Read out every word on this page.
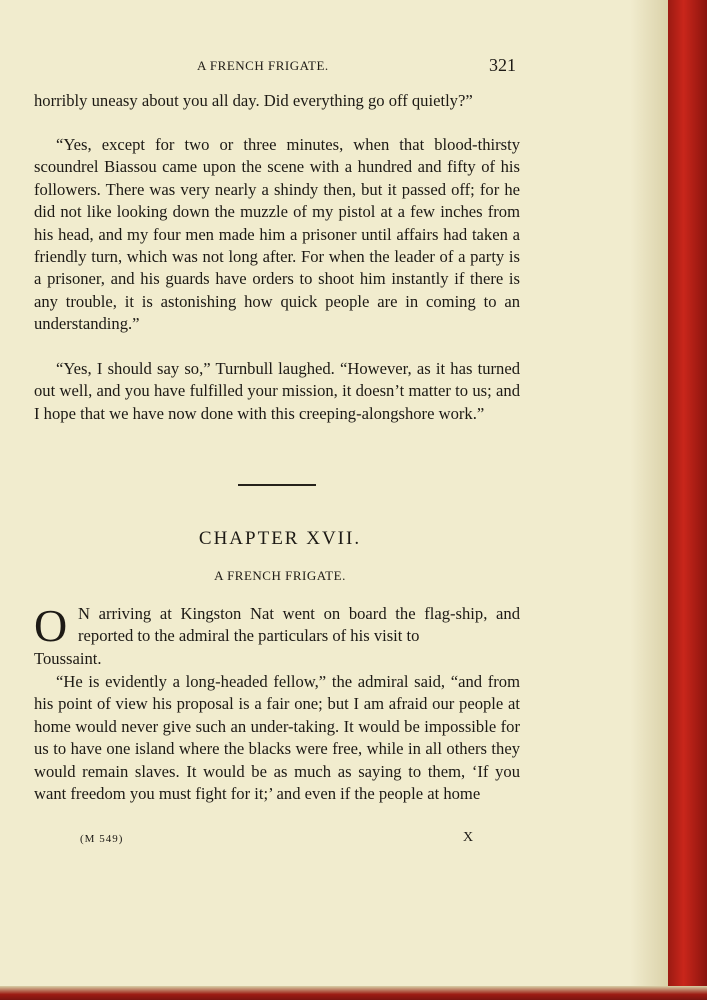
A FRENCH FRIGATE.	321

horribly uneasy about you all day. Did everything go off quietly?”

“Yes, except for two or three minutes, when that blood-thirsty scoundrel Biassou came upon the scene with a hundred and fifty of his followers. There was very nearly a shindy then, but it passed off; for he did not like looking down the muzzle of my pistol at a few inches from his head, and my four men made him a prisoner until affairs had taken a friendly turn, which was not long after. For when the leader of a party is a prisoner, and his guards have orders to shoot him instantly if there is any trouble, it is astonishing how quick people are in coming to an understanding.”

“Yes, I should say so,” Turnbull laughed. “However, as it has turned out well, and you have fulfilled your mission, it doesn’t matter to us; and I hope that we have now done with this creeping-alongshore work.”

CHAPTER XVII.
A FRENCH FRIGATE.
O N arriving at Kingston Nat went on board the flag-ship, and reported to the admiral the particulars of his visit to

Toussaint.

“He is evidently a long-headed fellow,” the admiral said, “and from his point of view his proposal is a fair one; but I am afraid our people at home would never give such an under-taking. It would be impossible for us to have one island where the blacks were free, while in all others they would remain slaves. It would be as much as saying to them, ‘If you want freedom you must fight for it;’ and even if the people at home

(M 549)	X
